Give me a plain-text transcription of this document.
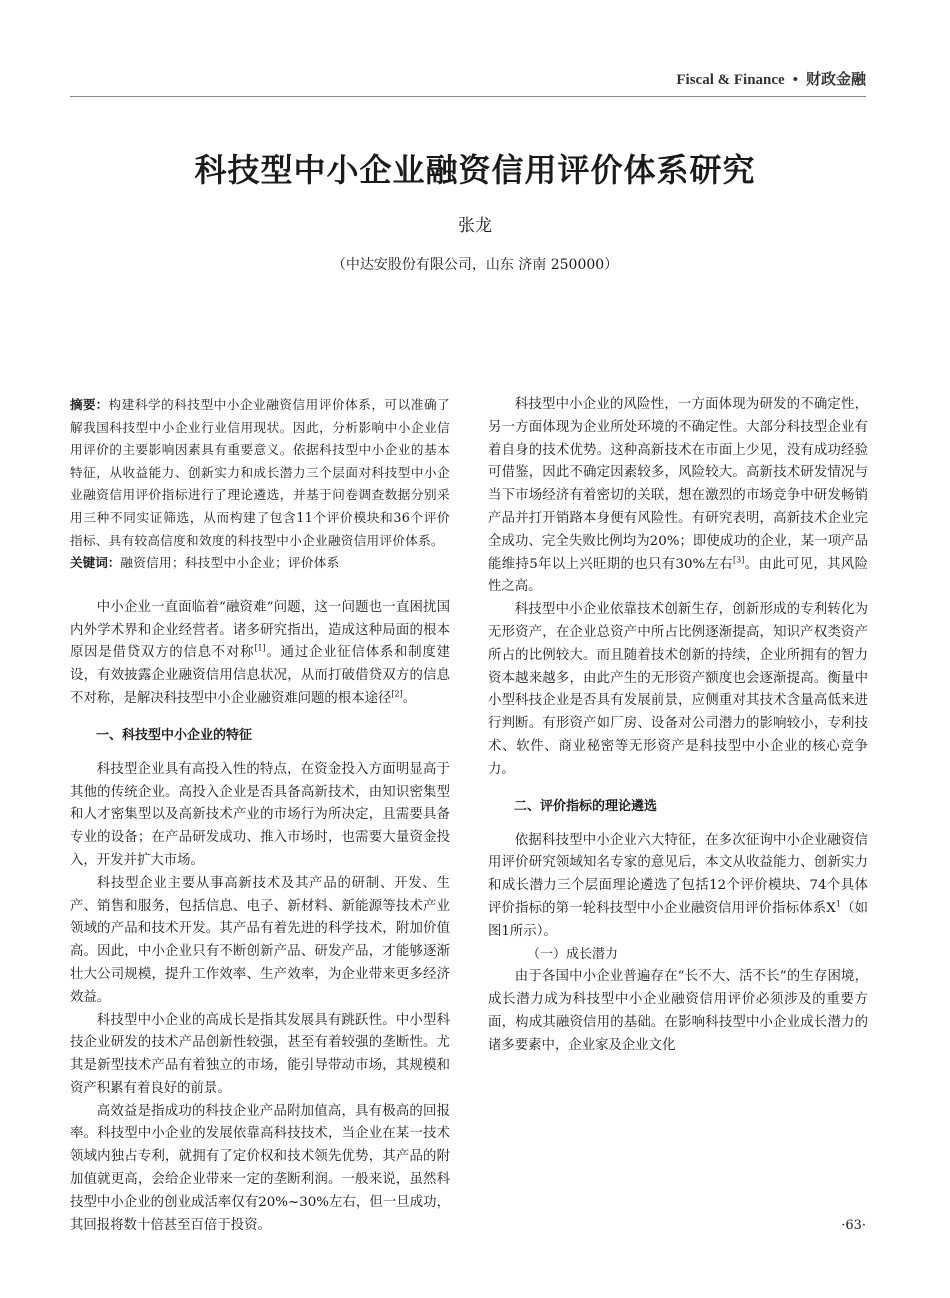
Fiscal & Finance • 财政金融
科技型中小企业融资信用评价体系研究
张龙
（中达安股份有限公司，山东 济南 250000）

摘要：构建科学的科技型中小企业融资信用评价体系，可以准确了解我国科技型中小企业行业信用现状。因此，分析影响中小企业信用评价的主要影响因素具有重要意义。依据科技型中小企业的基本特征，从收益能力、创新实力和成长潜力三个层面对科技型中小企业融资信用评价指标进行了理论遴选，并基于问卷调查数据分别采用三种不同实证筛选，从而构建了包含11个评价模块和36个评价指标、具有较高信度和效度的科技型中小企业融资信用评价体系。

关键词：融资信用；科技型中小企业；评价体系

中小企业一直面临着“融资难”问题，这一问题也一直困扰国内外学术界和企业经营者。诸多研究指出，造成这种局面的根本原因是借贷双方的信息不对称[1]。通过企业征信体系和制度建设，有效披露企业融资信用信息状况，从而打破借贷双方的信息不对称，是解决科技型中小企业融资难问题的根本途径[2]。

一、科技型中小企业的特征

科技型企业具有高投入性的特点，在资金投入方面明显高于其他的传统企业。高投入企业是否具备高新技术，由知识密集型和人才密集型以及高新技术产业的市场行为所决定，且需要具备专业的设备；在产品研发成功、推入市场时，也需要大量资金投入，开发并扩大市场。

科技型企业主要从事高新技术及其产品的研制、开发、生产、销售和服务，包括信息、电子、新材料、新能源等技术产业领域的产品和技术开发。其产品有着先进的科学技术，附加价值高。因此，中小企业只有不断创新产品、研发产品，才能够逐渐壮大公司规模，提升工作效率、生产效率，为企业带来更多经济效益。

科技型中小企业的高成长是指其发展具有跳跃性。中小型科技企业研发的技术产品创新性较强，甚至有着较强的垄断性。尤其是新型技术产品有着独立的市场，能引导带动市场，其规模和资产积累有着良好的前景。

高效益是指成功的科技企业产品附加值高，具有极高的回报率。科技型中小企业的发展依靠高科技技术，当企业在某一技术领域内独占专利，就拥有了定价权和技术领先优势，其产品的附加值就更高，会给企业带来一定的垄断利润。一般来说，虽然科技型中小企业的创业成活率仅有20%~30%左右，但一旦成功，其回报将数十倍甚至百倍于投资。

科技型中小企业的风险性，一方面体现为研发的不确定性，另一方面体现为企业所处环境的不确定性。大部分科技型企业有着自身的技术优势。这种高新技术在市面上少见，没有成功经验可借鉴，因此不确定因素较多，风险较大。高新技术研发情况与当下市场经济有着密切的关联，想在激烈的市场竞争中研发畅销产品并打开销路本身便有风险性。有研究表明，高新技术企业完全成功、完全失败比例均为20%；即使成功的企业，某一项产品能维持5年以上兴旺期的也只有30%左右[3]。由此可见，其风险性之高。

科技型中小企业依靠技术创新生存，创新形成的专利转化为无形资产，在企业总资产中所占比例逐渐提高，知识产权类资产所占的比例较大。而且随着技术创新的持续，企业所拥有的智力资本越来越多，由此产生的无形资产额度也会逐渐提高。衡量中小型科技企业是否具有发展前景，应侧重对其技术含量高低来进行判断。有形资产如厂房、设备对公司潜力的影响较小，专利技术、软件、商业秘密等无形资产是科技型中小企业的核心竞争力。

二、评价指标的理论遴选

依据科技型中小企业六大特征，在多次征询中小企业融资信用评价研究领域知名专家的意见后，本文从收益能力、创新实力和成长潜力三个层面理论遴选了包括12个评价模块、74个具体评价指标的第一轮科技型中小企业融资信用评价指标体系$X^1$（如图1所示）。

（一）成长潜力

由于各国中小企业普遍存在“长不大、活不长”的生存困境，成长潜力成为科技型中小企业融资信用评价必须涉及的重要方面，构成其融资信用的基础。在影响科技型中小企业成长潜力的诸多要素中，企业家及企业文化

·63·
